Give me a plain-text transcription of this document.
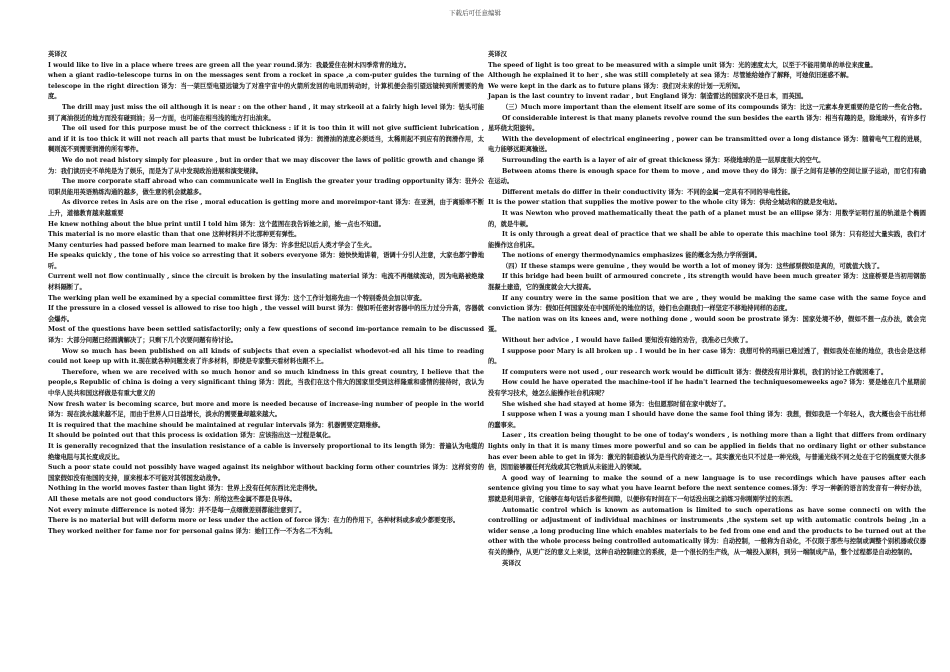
下载后可任意编辑

英译汉

I would like to live in a place where trees are green all the year round.译为：我最爱住在树木四季常青的地方。

when a giant radio-telescope turns in on the messages sent from a rocket in space ,a com-puter guides the turning of the telescope in the right direction 译为：当一架巨型电望远镜为了对准宇宙中的火箭所发回的电讯而转动时，计算机便会指引望远镜转到所需要的角度。

The drill may just miss the oil although it is near : on the other hand , it may strkeoil at a fairly high level 译为：钻头可能到了离油很近的地方而没有碰到油；另一方面，也可能在相当浅的地方打出油来。

The oil used for this purpose must be of the correct thickness : if it is too thin it will not give sufficient lubrication , and if it is too thick it will not reach all parts that must be lubricated 译为：润滑油的浓度必须适当，太稀则起不到应有的润滑作用，太稠则流不到需要润滑的所有零件。

We do not read history simply for pleasure , but in order that we may discover the laws of politic growth and change 译为：我们读历史不单纯是为了娱乐，而是为了从中发现政治进展和演变规律。

The more corporate staff abroad who can communicate well in English the greater your trading opportunity 译为：驻外公司职员能用英语熟练沟通的越多，做生意的机会就越多。

As divorce retes in Asis are on the rise , moral education is getting more and moreimpor-tant 译为：在亚洲，由于离婚率不断上升，道德教育越来越重要

He knew nothing about the blue print until I told him 译为：这个蓝图在我告诉她之前，她一点也不知道。

This material is no more elastic than that one 这种材料并不比那种更有弹性。

Many centuries had passed before man learned to make fire 译为：许多世纪以后人类才学会了生火。

He speaks quickly , the tone of his voice so arresting that it sobers everyone 译为：她快快地讲着，语调十分引人注意，大家也都宁静地听。

Current well not flow continually , since the circuit is broken by the insulating material 译为：电流不再继续流动，因为电路被绝缘材料隔断了。

The werking plan well be examined by a special committee first 译为：这个工作计划将先由一个特别委员会加以审查。

If the pressure in a closed vessel is allowed to rise too high , the vessel will burst 译为：假如听任密封容器中的压力过分升高，容器就会爆炸。

Most of the questions have been settled satisfactorily; only a few questions of second im-portance remain to be discussed 译为：大部分问题已经圆满解决了；只剩下几个次要问题有待讨论。

Wow so much has been published on all kinds of subjects that even a specialist whodevot-ed all his time to reading could not keep up with it.现在就各种问题发表了许多材料，即使是专家整天看材料也跟不上。

Therefore, when we are received with so much honor and so much kindness in this great country, I believe that the people,s Republic of china is doing a very significant thing 译为：因此，当我们在这个伟大的国家里受到这样隆重和盛情的接待时，我认为中华人民共和国这样做是有重大意义的

Now fresh water is becoming scarce, but more and more is needed because of increase-ing number of people in the world 译为：现在淡水越来越不足，而由于世界人口日益增长，淡水的需要量却越来越大。

It is required that the machine should be maintained at regular intervals 译为：机器需要定期维修。

It should be pointed out that this process is oxidation 译为：应该指出这一过程是氧化。

It is generally recognized that the insulation resistance of a cable is inversely proportional to its length 译为：普遍认为电缆的绝缘电阻与其长度成反比。

Such a poor state could not possibly have waged against its neighbor without backing form other countries 译为：这样贫穷的国家假如没有他国的支持，原来根本不可能对其邻国发动战争。

Nothing in the world moves faster than light 译为：世界上没有任何东西比光走得快。

All these metals are not good conductors 译为：所给这些金属不都是良导体。

Not every minute difference is noted 译为：并不是每一点细微差别都能注意到了。

There is no material but will deform more or less under the action of force 译为：在力的作用下，各种材料或多或少都要变形。

They worked neither for fame nor for personal gains 译为：她们工作一不为名二不为利。

英译汉

The speed of light is too great to be measured with a simple unit 译为：光的速度太大，以至于不能用简单的单位来度量。

Although he explained it to her , she was still completely at sea 译为：尽管她给她作了解释，可她依旧迷惑不解。

We were kept in the dark as to future plans 译为：我们对未来的计划一无所知。

Japan is the last country to invent radar , but England 译为：制造雷达的国家决不是日本，而英国。

（三）Much more important than the element itself are some of its compounds 译为：比这一元素本身更重要的是它的一些化合物。

Of considerable interest is that many planets revolve round the sun besides the earth 译为：相当有趣的是，除地球外，有许多行星环绕太阳旋转。

With the development of electrical engineering , power can be transmitted over a long distance 译为：随着电气工程的进展，电力能够远距离输送。

Surrounding the earth is a layer of air of great thickness 译为：环绕地球的是一层厚度很大的空气。

Between atoms there is enough space for them to move , and move they do 译为：原子之间有足够的空间让原子运动，而它们有确在运动。

Different metals do differ in their conductivity 译为：不同的金属一定具有不同的导电性能。

It is the power station that supplies the motive power to the whole city 译为：供给全城动和的就是发电站。

It was Newton who proved mathematically theat the path of a planet must be an ellipse 译为：用数学证明行星的轨道是个椭圆的，就是牛顿。

It is only through a great deal of practice that we shall be able to operate this machine tool 译为：只有经过大量实践，我们才能操作这台机床。

The notions of energy thermodynamics emphasizes 能的概念为热力学所强调。

（四）If these stamps were genuine , they would be worth a lot of money 译为：这些邮票假如是真的，可就值大钱了。

If this bridge had been built of armoured concrete , its strength would have been much greater 译为：这座桥要是当初用钢筋混凝土建造，它的强度就会大大提高。

If any country were in the same position that we are , they would be making the same case with the same foyce and conviction 译为：假如任何国家处在中国所处的地位的话，她们也会跟我们一样坚定不移地持同样的态度。

The nation was on its knees and, were nothing done , would soon be prostrate 译为：国家处境不妙，假如不想一点办法，就会完蛋。

Without her advice , I would have failed 要知没有她的劝告，我准必已失败了。

I suppose poor Mary is all broken up . I would be in her case 译为：我想可怜的玛丽已难过透了，假如我处在她的地位，我也会是这样的。

If computers were not used , our research work would be difficult 译为：假使没有用计算机，我们的讨论工作就困难了。

How could he have operated the machine-tool if he hadn't learned the techniquesomeweeks ago? 译为：要是她在几个星期前没有学习技术，她怎么能操作社台机床呢？

She wished she had stayed at home 译为：也但愿那时留在家中就好了。

I suppose when I was a young man I should have done the same fool thing 译为：我想，假如我是一个年轻人，我大概也会干出壮样的蠢事来。

Laser , its creation being thought to be one of today's wonders , is nothing more than a light that differs from ordinary lights only in that it is many times more powerful and so can be applied in fields that no ordinary light or other substance has ever been able to get in 译为：激光的制造被认为是当代的奇迹之一。其实激光也只不过是一种光线，与普通光线不同之处在于它的强度要大很多倍，因而能够履任何光线或其它物质从未能进入的领域。

A good way of learning to make the sound of a new language is to use recordings which have pauses after each sentence giving you time to say what you have learnt before the next sentence comes.译为：学习一种新的语言的发音有一种好办法，那就是利用录音，它能够在每句话后多留些间隙，以便你有时间在下一句话没出现之前练习你刚刚学过的东西。

Automatic control which is known as automation is limited to such operations as have some connecti on with the controlling or adjustment of individual machines or instruments ,the system set up with automatic controls being ,in a wider sense ,a long producing line which enables materials to be fed from one end and the products to be turned out at the other with the whole process being controlled automatically 译为：自动控制，一般称为自动化，不仅限于那些与控制或调整个别机器或仪器有关的操作，从更广泛的意义上来说，这种自动控制建立的系统，是一个很长的生产线，从一端投入原料，到另一端制成产品，整个过程都是自动控制的。

英译汉
